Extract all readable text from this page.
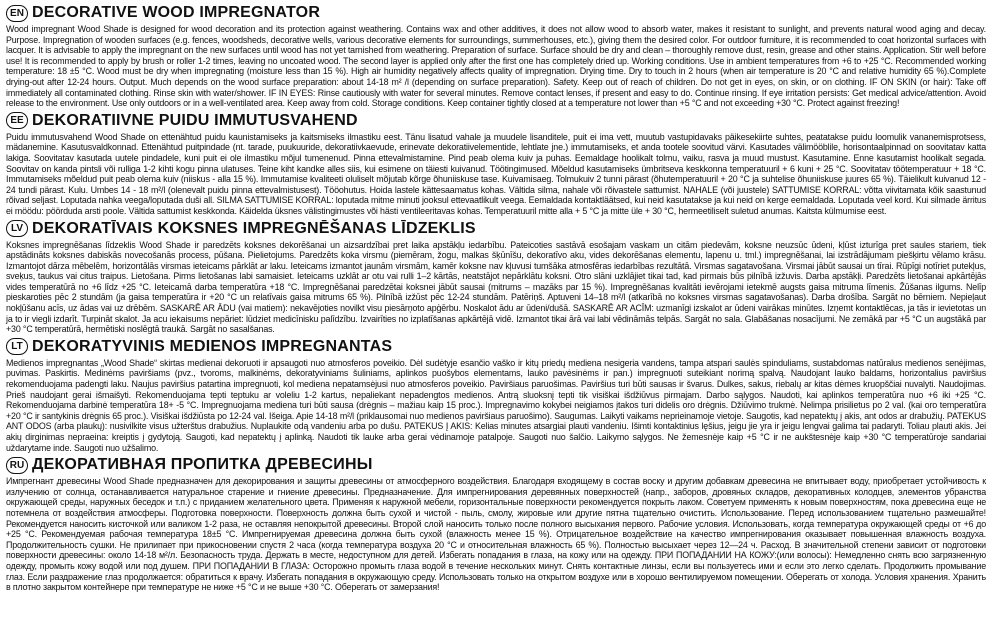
EN DECORATIVE WOOD IMPREGNATOR
Wood impregnant Wood Shade is designed for wood decoration and its protection against weathering. Contains wax and other additives, it does not allow wood to absorb water, makes it resistant to sunlight, and prevents natural wood aging and decay. Purpose. Impregnation of wooden surfaces (e.g. fences, woodsheds, decorative wells, various decorative elements for surroundings, summerhouses, etc.), giving them the desired color. For outdoor furniture, it is recommended to coat horizontal surfaces with lacquer. It is advisable to apply the impregnant on the new surfaces until wood has not yet tarnished from weathering. Preparation of surface. Surface should be dry and clean – thoroughly remove dust, resin, grease and other stains. Application. Stir well before use! It is recommended to apply by brush or roller 1-2 times, leaving no uncoated wood. The second layer is applied only after the first one has completely dried up. Working conditions. Use in ambient temperatures from +6 to +25 °C. Recommended working temperature: 18 ±5 °C. Wood must be dry when impregnating (moisture less than 15 %). High air humidity negatively affects quality of impregnation. Drying time. Dry to touch in 2 hours (when air temperature is 20 °C and relative humidity 65 %).Complete drying-out after 12-24 hours. Output. Much depends on the wood surface preparation: about 14-18 m² /l (depending on surface preparation). Safety. Keep out of reach of children. Do not get in eyes, on skin, or on clothing. IF ON SKIN (or hair): Take off immediately all contaminated clothing. Rinse skin with water/shower. IF IN EYES: Rinse cautiously with water for several minutes. Remove contact lenses, if present and easy to do. Continue rinsing. If eye irritation persists: Get medical advice/attention. Avoid release to the environment. Use only outdoors or in a well-ventilated area. Keep away from cold. Storage conditions. Keep container tightly closed at a temperature not lower than +5 °C and not exceeding +30 °C. Protect against freezing!
EE DEKORATIIVNE PUIDU IMMUTUSVAHEND
Puidu immutusvahend Wood Shade on ettenähtud puidu kaunistamiseks ja kaitsmiseks ilmastiku eest. Tänu lisatud vahale ja muudele lisanditele, puit ei ima vett, muutub vastupidavaks päikesekiirte suhtes, peatatakse puidu loomulik vananemisprotsess, mädanemine. Kasutusvaldkonnad. Ettenähtud puitpindade (nt. tarade, puukuuride, dekoratiivkaevude, erinevate dekoratiivelementide, lehtlate jne.) immutamiseks, et anda tootele soovitud värvi. Kasutades välimööblile, horisontaalpinnad on soovitatav katta lakiga. Soovitatav kasutada uutele pindadele, kuni puit ei ole ilmastiku mõjul tumenenud. Pinna ettevalmistamine. Pind peab olema kuiv ja puhas. Eemaldage hoolikalt tolmu, vaiku, rasva ja muud mustust. Kasutamine. Enne kasutamist hoolikalt segada. Soovitav on kanda pintsli või rulliga 1-2 kihti kogu pinna ulatuses. Teine kiht kandke alles siis, kui esimene on täiesti kuivanud. Töötingimused. Mõeldud kasutamiseks ümbritseva keskkonna temperatuuril + 6 kuni + 25 °C. Soovitatav töötemperatuur + 18 °C. Immutamiseks mõeldud puit peab olema kuiv (niiskus - alla 15 %). Immutamise kvaliteeti oluliselt mõjutab kõrge õhuniiskuse tase. Kuivamisaeg. Tolmukuiv 2 tunni pärast (õhutemperatuuril + 20 °C ja suhtelise õhuniiskuse juures 65 %). Täielikult kuivanud 12 - 24 tundi pärast. Kulu. Umbes 14 - 18 m²/l (olenevalt puidu pinna ettevalmistusest). Tööohutus. Hoida lastele kättesaamatus kohas. Vältida silma, nahale või rõivastele sattumist. NAHALE (või juustele) SATTUMISE KORRAL: võtta viivitamata kõik saastunud rõivad seljast. Loputada nahka veega/loputada duši all. SILMA SATTUMISE KORRAL: loputada mitme minuti jooksul ettevaatlikult veega. Eemaldada kontaktläätsed, kui neid kasutatakse ja kui neid on kerge eemaldada. Loputada veel kord. Kui silmade ärritus ei möödu: pöörduda arsti poole. Vältida sattumist keskkonda. Käidelda üksnes välistingimustes või hästi ventileeritavas kohas. Temperatuuril mitte alla + 5 °C ja mitte üle + 30 °C, hermeetiliselt suletud anumas. Kaitsta külmumise eest.
LV DEKORATĪVAIS KOKSNES IMPREGNĒŠANAS LĪDZEKLIS
Koksnes impregnēšanas līdzeklis Wood Shade ir paredzēts koksnes dekorēšanai un aizsardzībai pret laika apstākļu iedarbību. Pateicoties sastāvā esošajam vaskam un citām piedevām, koksne neuzsūc ūdeni, kļūst izturīga pret saules stariem, tiek apstādināts koksnes dabiskās novecošanās process, pūšana. Pielietojums. Paredzēts koka virsmu (piemēram, žogu, malkas šķūnīšu, dekoratīvo aku, vides dekorēšanas elementu, lapenu u. tml.) impregnēšanai, lai izstrādājumam piešķirtu vēlamo krāsu. Izmantojot dārza mēbelēm, horizontālās virsmas ieteicams pārklāt ar laku. Ieteicams izmantot jaunām virsmām, kamēr koksne nav kļuvusi tumšāka atmosfēras iedarbības rezultātā. Virsmas sagatavošana. Virsmai jābūt sausai un tīrai. Rūpīgi notīriet putekļus, sveķus, taukus vai citus traipus. Lietošana. Pirms lietošanas labi samaisiet. Ieteicams uzklāt ar otu vai rulli 1–2 kārtās, neatstājot nepārklātu koksni. Otro slāni uzklājiet tikai tad, kad pirmais būs pilnībā izžuvis. Darba apstākļi. Paredzēts lietošanai apkārtējās vides temperatūrā no +6 līdz +25 °C. Ieteicamā darba temperatūra +18 °C. Impregnēšanai paredzētai koksnei jābūt sausai (mitrums – mazāks par 15 %). Impregnēšanas kvalitāti ievērojami ietekmē augsts gaisa mitruma līmenis. Žūšanas ilgums. Nelīp pieskaroties pēc 2 stundām (ja gaisa temperatūra ir +20 °C un relatīvais gaisa mitrums 65 %). Pilnībā izžūst pēc 12-24 stundām. Patēriņš. Aptuveni 14–18 m²/l (atkarībā no koksnes virsmas sagatavošanas). Darba drošība. Sargāt no bērniem. Nepieļaut nokļūšanu acīs, uz ādas vai uz drēbēm. SASKARĒ AR ĀDU (vai matiem): nekavējoties novilkt visu piesārņoto apģērbu. Noskalot ādu ar ūdeni/dušā. SASKARĒ AR ACĪM: uzmanīgi izskalot ar ūdeni vairākas minūtes. Izņemt kontaktlēcas, ja tās ir ievietotas un ja to ir viegli izdarīt. Turpināt skalot. Ja acu iekaisums nepāriet: lūdziet medicīnisku palīdzību. Izvairīties no izplatīšanas apkārtējā vidē. Izmantot tikai ārā vai labi vēdināmās telpās. Sargāt no sala. Glabāšanas nosacījumi. Ne zemākā par +5 °C un augstākā par +30 °C temperatūrā, hermētiski noslēgtā traukā. Sargāt no sasalšanas.
LT DEKORATYVINIS MEDIENOS IMPREGNANTAS
Medienos impregnantas „Wood Shade“ skirtas medienai dekoruoti ir apsaugoti nuo atmosferos poveikio. Dėl sudėtyje esančio vaško ir kitų priedų mediena nesigeria vandens, tampa atspari saulės spinduliams, sustabdomas natūralus medienos senėjimas, puvimas. Paskirtis. Medinėms paviršiams (pvz., tvoroms, malkinėms, dekoratyviniams šuliniams, aplinkos puošybos elementams, lauko pavėsinėms ir pan.) impregnuoti suteikiant norimą spalvą. Naudojant lauko baldams, horizontalius paviršius rekomenduojama padengti laku. Naujus paviršius patartina impregnuoti, kol mediena nepatamsėjusi nuo atmosferos poveikio. Paviršiaus paruošimas. Paviršius turi būti sausas ir švarus. Dulkes, sakus, riebalų ar kitas dėmes kruopščiai nuvalyti. Naudojimas. Prieš naudojant gerai išmaišyti. Rekomenduojama tepti teptuku ar voleliu 1-2 kartus, nepaliekant nepadengtos medienos. Antrą sluoksnį tepti tik visiškai išdžiūvus pirmajam. Darbo sąlygos. Naudoti, kai aplinkos temperatūra nuo +6 iki +25 °C. Rekomenduojama darbinė temperatūra 18+ -5 °C. Impregnuojama mediena turi būti sausa (drėgnis – mažiau kaip 15 proc.). Impregnavimo kokybei neigiamos įtakos turi didelis oro drėgnis. Džiūvimo trukmė. Nelimpa prisilietus po 2 val. (kai oro temperatūra +20 °C ir santykinis drėgnis 65 proc.). Visiškai išdžiūsta po 12-24 val. Išeiga. Apie 14-18 m²/l (priklausomai nuo medienos paviršiaus paruošimo). Saugumas. Laikyti vaikams neprieinamoje vietoje. Saugotis, kad nepatektų į akis, ant odos ar drabužių. PATEKUS ANT ODOS (arba plaukų): nusivilkite visus užterštus drabužius. Nuplaukite odą vandeniu arba po dušu. PATEKUS Į AKIS: Kelias minutes atsargiai plauti vandeniu. Išimti kontaktinius lęšius, jeigu jie yra ir jeigu lengvai galima tai padaryti. Toliau plauti akis. Jei akių dirginimas nepraeina: kreiptis į gydytoją. Saugoti, kad nepatektų į aplinką. Naudoti tik lauke arba gerai vėdinamoje patalpoje. Saugoti nuo šalčio. Laikymo sąlygos. Ne žemesnėje kaip +5 °C ir ne aukštesnėje kaip +30 °C temperatūroje sandariai uždarytame inde. Saugoti nuo užšalimo.
RU ДЕКОРАТИВНАЯ ПРОПИТКА ДРЕВЕСИНЫ
Импрегнант древесины Wood Shade предназначен для декорирования и защиты древесины от атмосферного воздействия. Благодаря входящему в состав воску и другим добавкам древесина не впитывает воду, приобретает устойчивость к излучению от солнца, останавливается натуральное старение и гниение древесины. Предназначение. Для импрегнирования деревянных поверхностей (напр., заборов, дровяных складов, декоративных колодцев, элементов убранства окружающей среды, наружных беседок и т.п.) с приданием желательного цвета. Применяя к наружной мебели, горизонтальные поверхности рекомендуется покрыть лаком. Советуем применять к новым поверхностям, пока древесина еще не потемнела от воздействия атмосферы. Подготовка поверхности. Поверхность должна быть сухой и чистой - пыль, смолу, жировые или другие пятна тщательно очистить. Использование. Перед использованием тщательно размешайте! Рекомендуется наносить кисточкой или валиком 1-2 раза, не оставляя непокрытой древесины. Второй слой наносить только после полного высыхания первого. Рабочие условия. Использовать, когда температура окружающей среды от +6 до +25 °C. Рекомендуемая рабочая температура 18±5 °C. Импрегнируемая древесина должна быть сухой (влажность менее 15 %). Отрицательное воздействие на качество импрегнирования оказывает повышенная влажность воздуха. Продолжительность сушки. Не прилипает при прикосновении спустя 2 часа (когда температура воздуха 20 °C и относительная влажность 65 %). Полностью высыхает через 12—24 ч. Расход. В значительной степени зависит от подготовки поверхности древесины: около 14-18 м²/л. Безопасность труда. Держать в месте, недоступном для детей. Избегать попадания в глаза, на кожу или на одежду. ПРИ ПОПАДАНИИ НА КОЖУ:(или волосы): Немедленно снять всю загрязненную одежду, промыть кожу водой или под душем. ПРИ ПОПАДАНИИ В ГЛАЗА: Осторожно промыть глаза водой в течение нескольких минут. Снять контактные линзы, если вы пользуетесь ими и если это легко сделать. Продолжить промывание глаз. Если раздражение глаз продолжается: обратиться к врачу. Избегать попадания в окружающую среду. Использовать только на открытом воздухе или в хорошо вентилируемом помещении. Оберегать от холода. Условия хранения. Хранить в плотно закрытом контейнере при температуре не ниже +5 °C и не выше +30 °C. Оберегать от замерзания!
